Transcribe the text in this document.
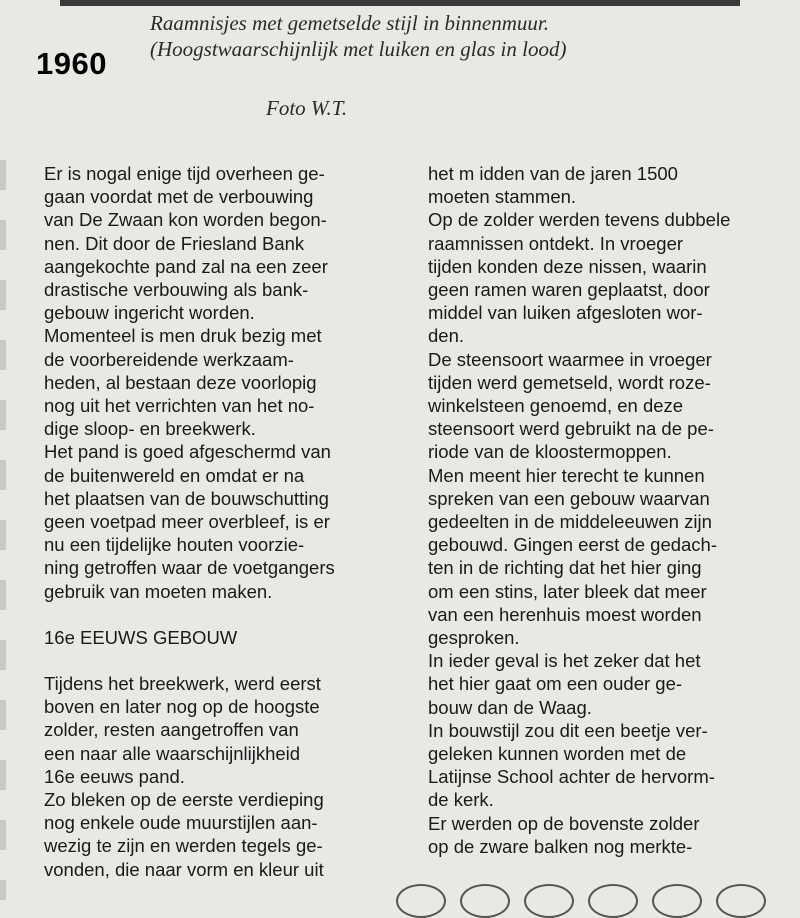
1960
Raamnisjes met gemetselde stijl in binnenmuur.
(Hoogstwaarschijnlijk met luiken en glas in lood)
Foto W.T.
Er is nogal enige tijd overheen ge-
gaan voordat met de verbouwing
van De Zwaan kon worden begon-
nen. Dit door de Friesland Bank
aangekochte pand zal na een zeer
drastische verbouwing als bank-
gebouw ingericht worden.
Momenteel is men druk bezig met
de voorbereidende werkzaam-
heden, al bestaan deze voorlopig
nog uit het verrichten van het no-
dige sloop- en breekwerk.
Het pand is goed afgeschermd van
de buitenwereld en omdat er na
het plaatsen van de bouwschutting
geen voetpad meer overbleef, is er
nu een tijdelijke houten voorzie-
ning getroffen waar de voetgangers
gebruik van moeten maken.
16e EEUWS GEBOUW
Tijdens het breekwerk, werd eerst
boven en later nog op de hoogste
zolder, resten aangetroffen van
een naar alle waarschijnlijkheid
16e eeuws pand.
Zo bleken op de eerste verdieping
nog enkele oude muurstijlen aan-
wezig te zijn en werden tegels ge-
vonden, die naar vorm en kleur uit
het m idden van de jaren 1500
moeten stammen.
Op de zolder werden tevens dubbele
raamnissen ontdekt. In vroeger
tijden konden deze nissen, waarin
geen ramen waren geplaatst, door
middel van luiken afgesloten wor-
den.
De steensoort waarmee in vroeger
tijden werd gemetseld, wordt roze-
winkelsteen genoemd, en deze
steensoort werd gebruikt na de pe-
riode van de kloostermoppen.
Men meent hier terecht te kunnen
spreken van een gebouw waarvan
gedeelten in de middeleeuwen zijn
gebouwd. Gingen eerst de gedach-
ten in de richting dat het hier ging
om een stins, later bleek dat meer
van een herenhuis moest worden
gesproken.
In ieder geval is het zeker dat het
het hier gaat om een ouder ge-
bouw dan de Waag.
In bouwstijl zou dit een beetje ver-
geleken kunnen worden met de
Latijnse School achter de hervorm-
de kerk.
Er werden op de bovenste zolder
op de zware balken nog merkte-
